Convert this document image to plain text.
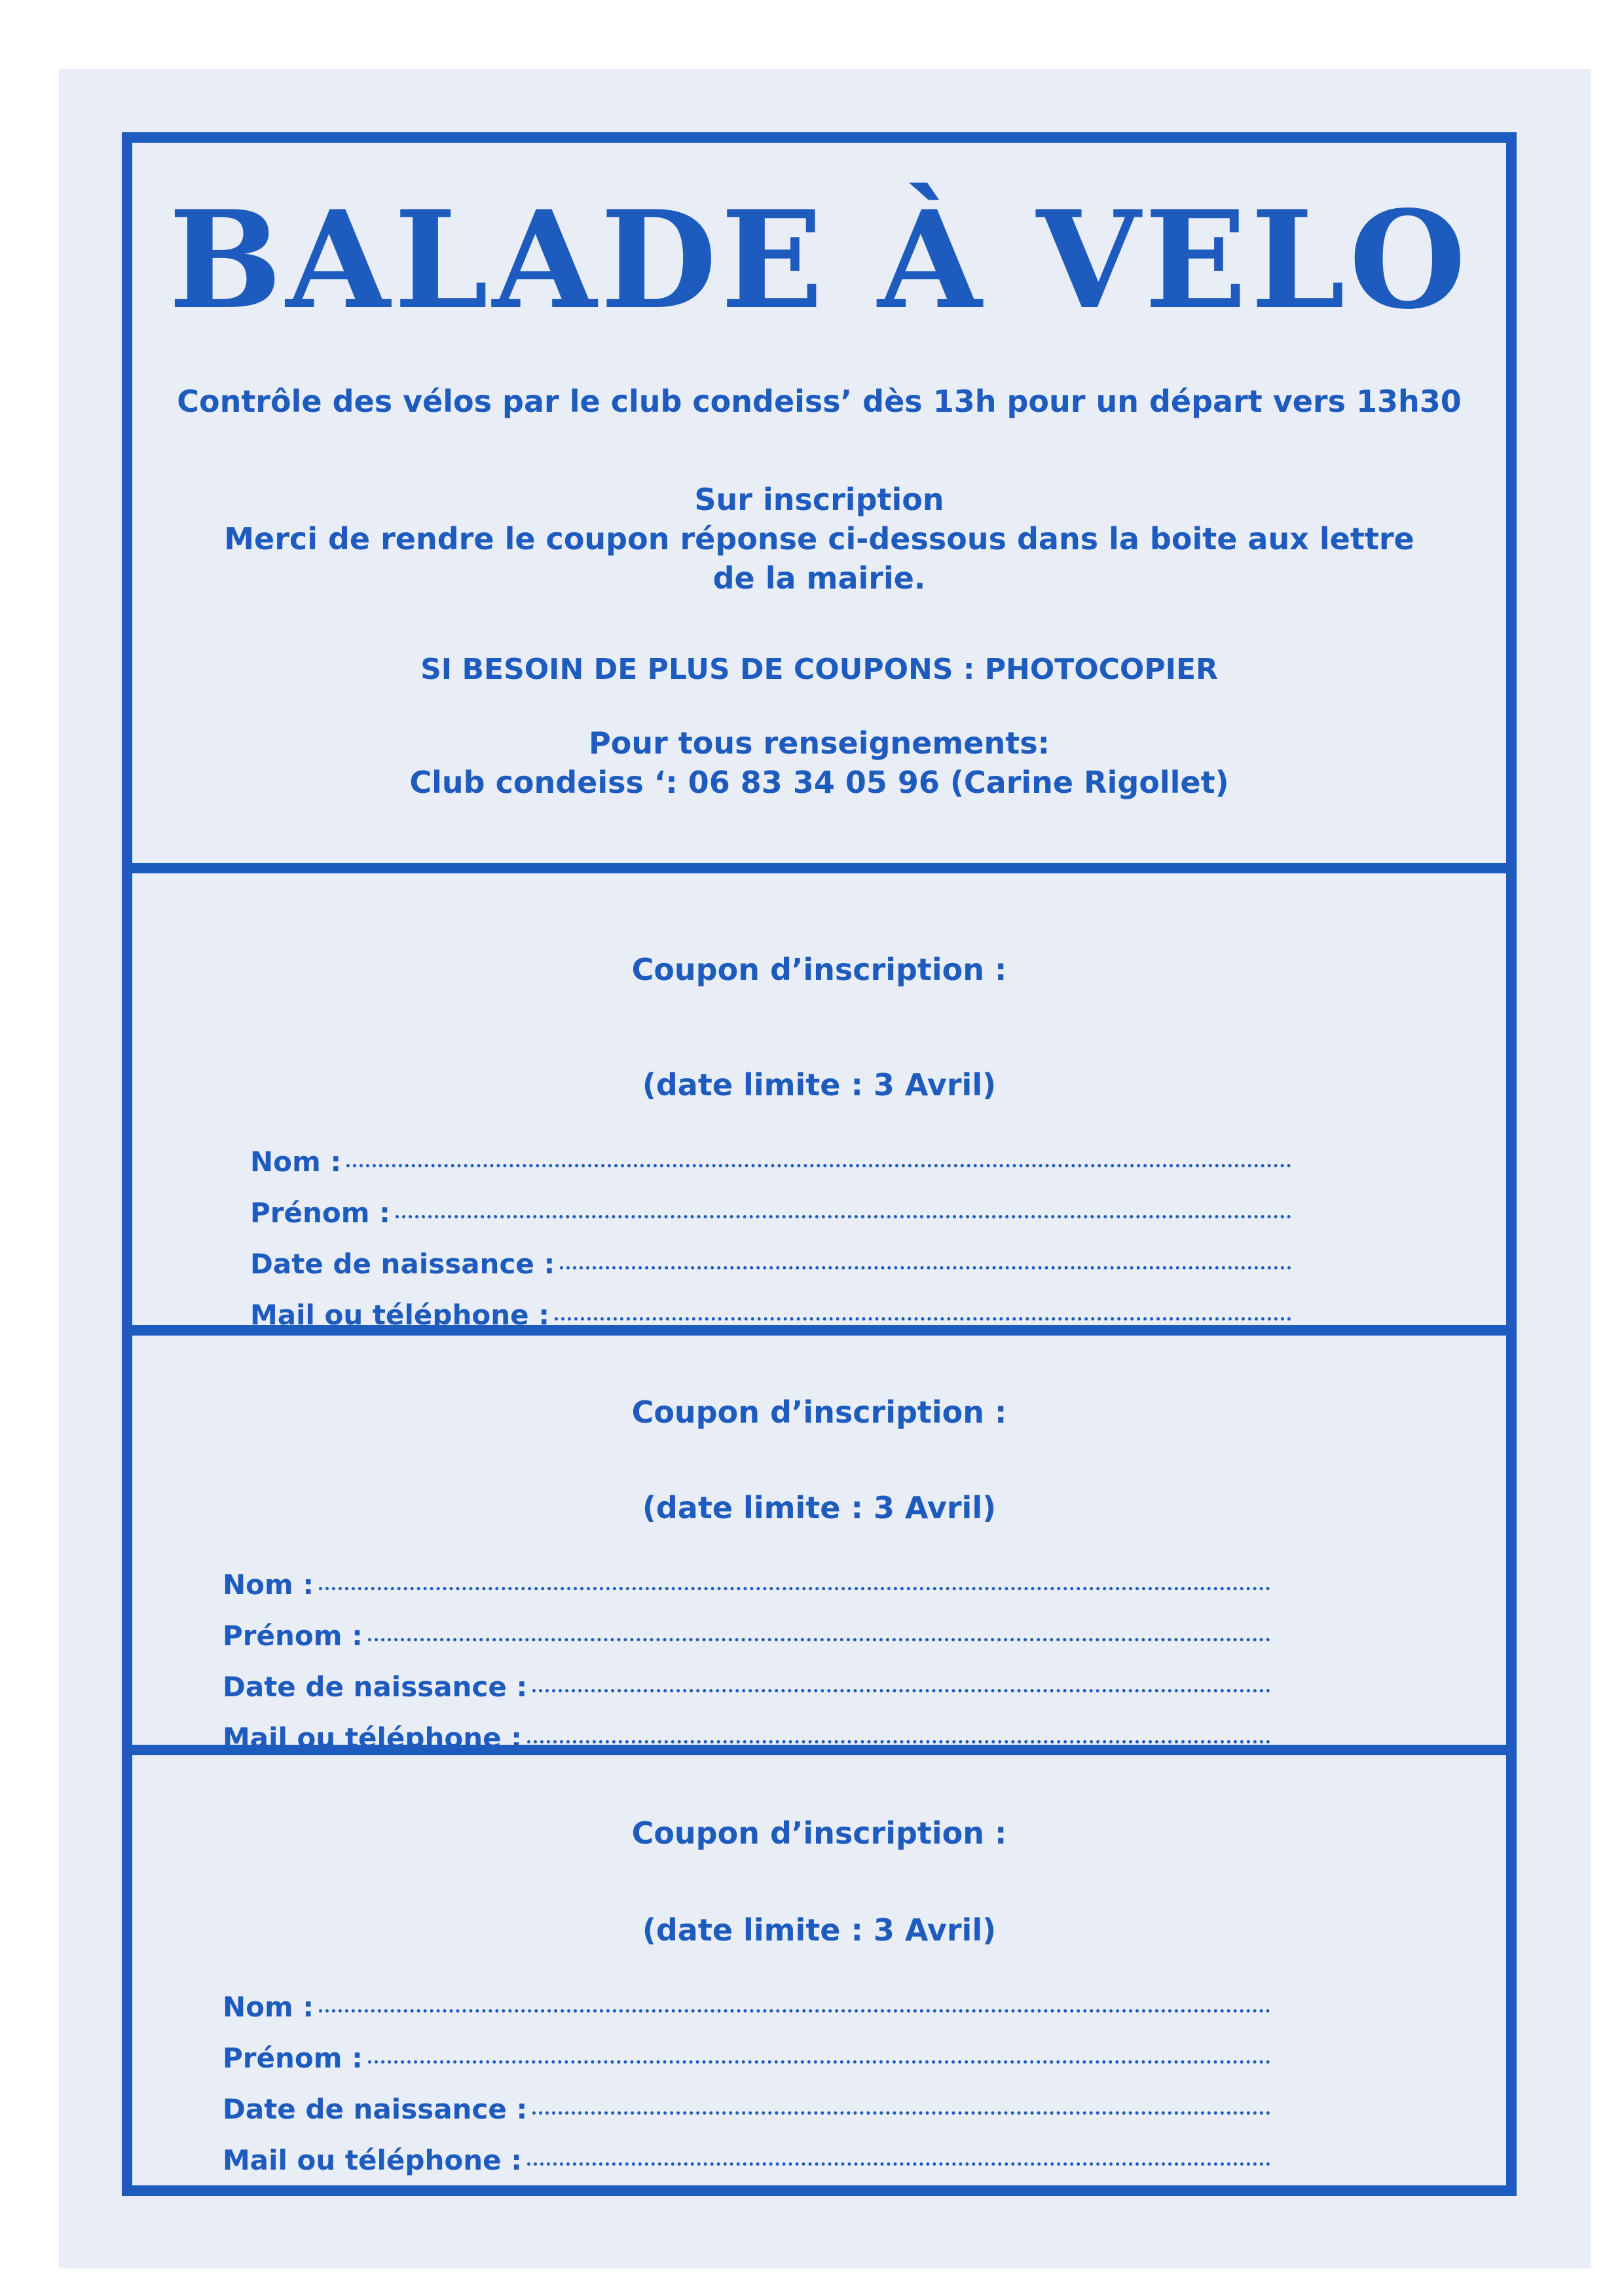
BALADE À VELO

Contrôle des vélos par le club condeiss’ dès 13h pour un départ vers 13h30

Sur inscription

Merci de rendre le coupon réponse ci-dessous dans la boite aux lettre

de la mairie.

SI BESOIN DE PLUS DE COUPONS : PHOTOCOPIER

Pour tous renseignements:

Club condeiss ‘: 06 83 34 05 96 (Carine Rigollet)

Coupon d’inscription :
(date limite : 3 Avril)
Nom :
Prénom :
Date de naissance :
Mail ou téléphone :
Coupon d’inscription :
(date limite : 3 Avril)
Nom :
Prénom :
Date de naissance :
Mail ou téléphone :
Coupon d’inscription :
(date limite : 3 Avril)
Nom :
Prénom :
Date de naissance :
Mail ou téléphone :
